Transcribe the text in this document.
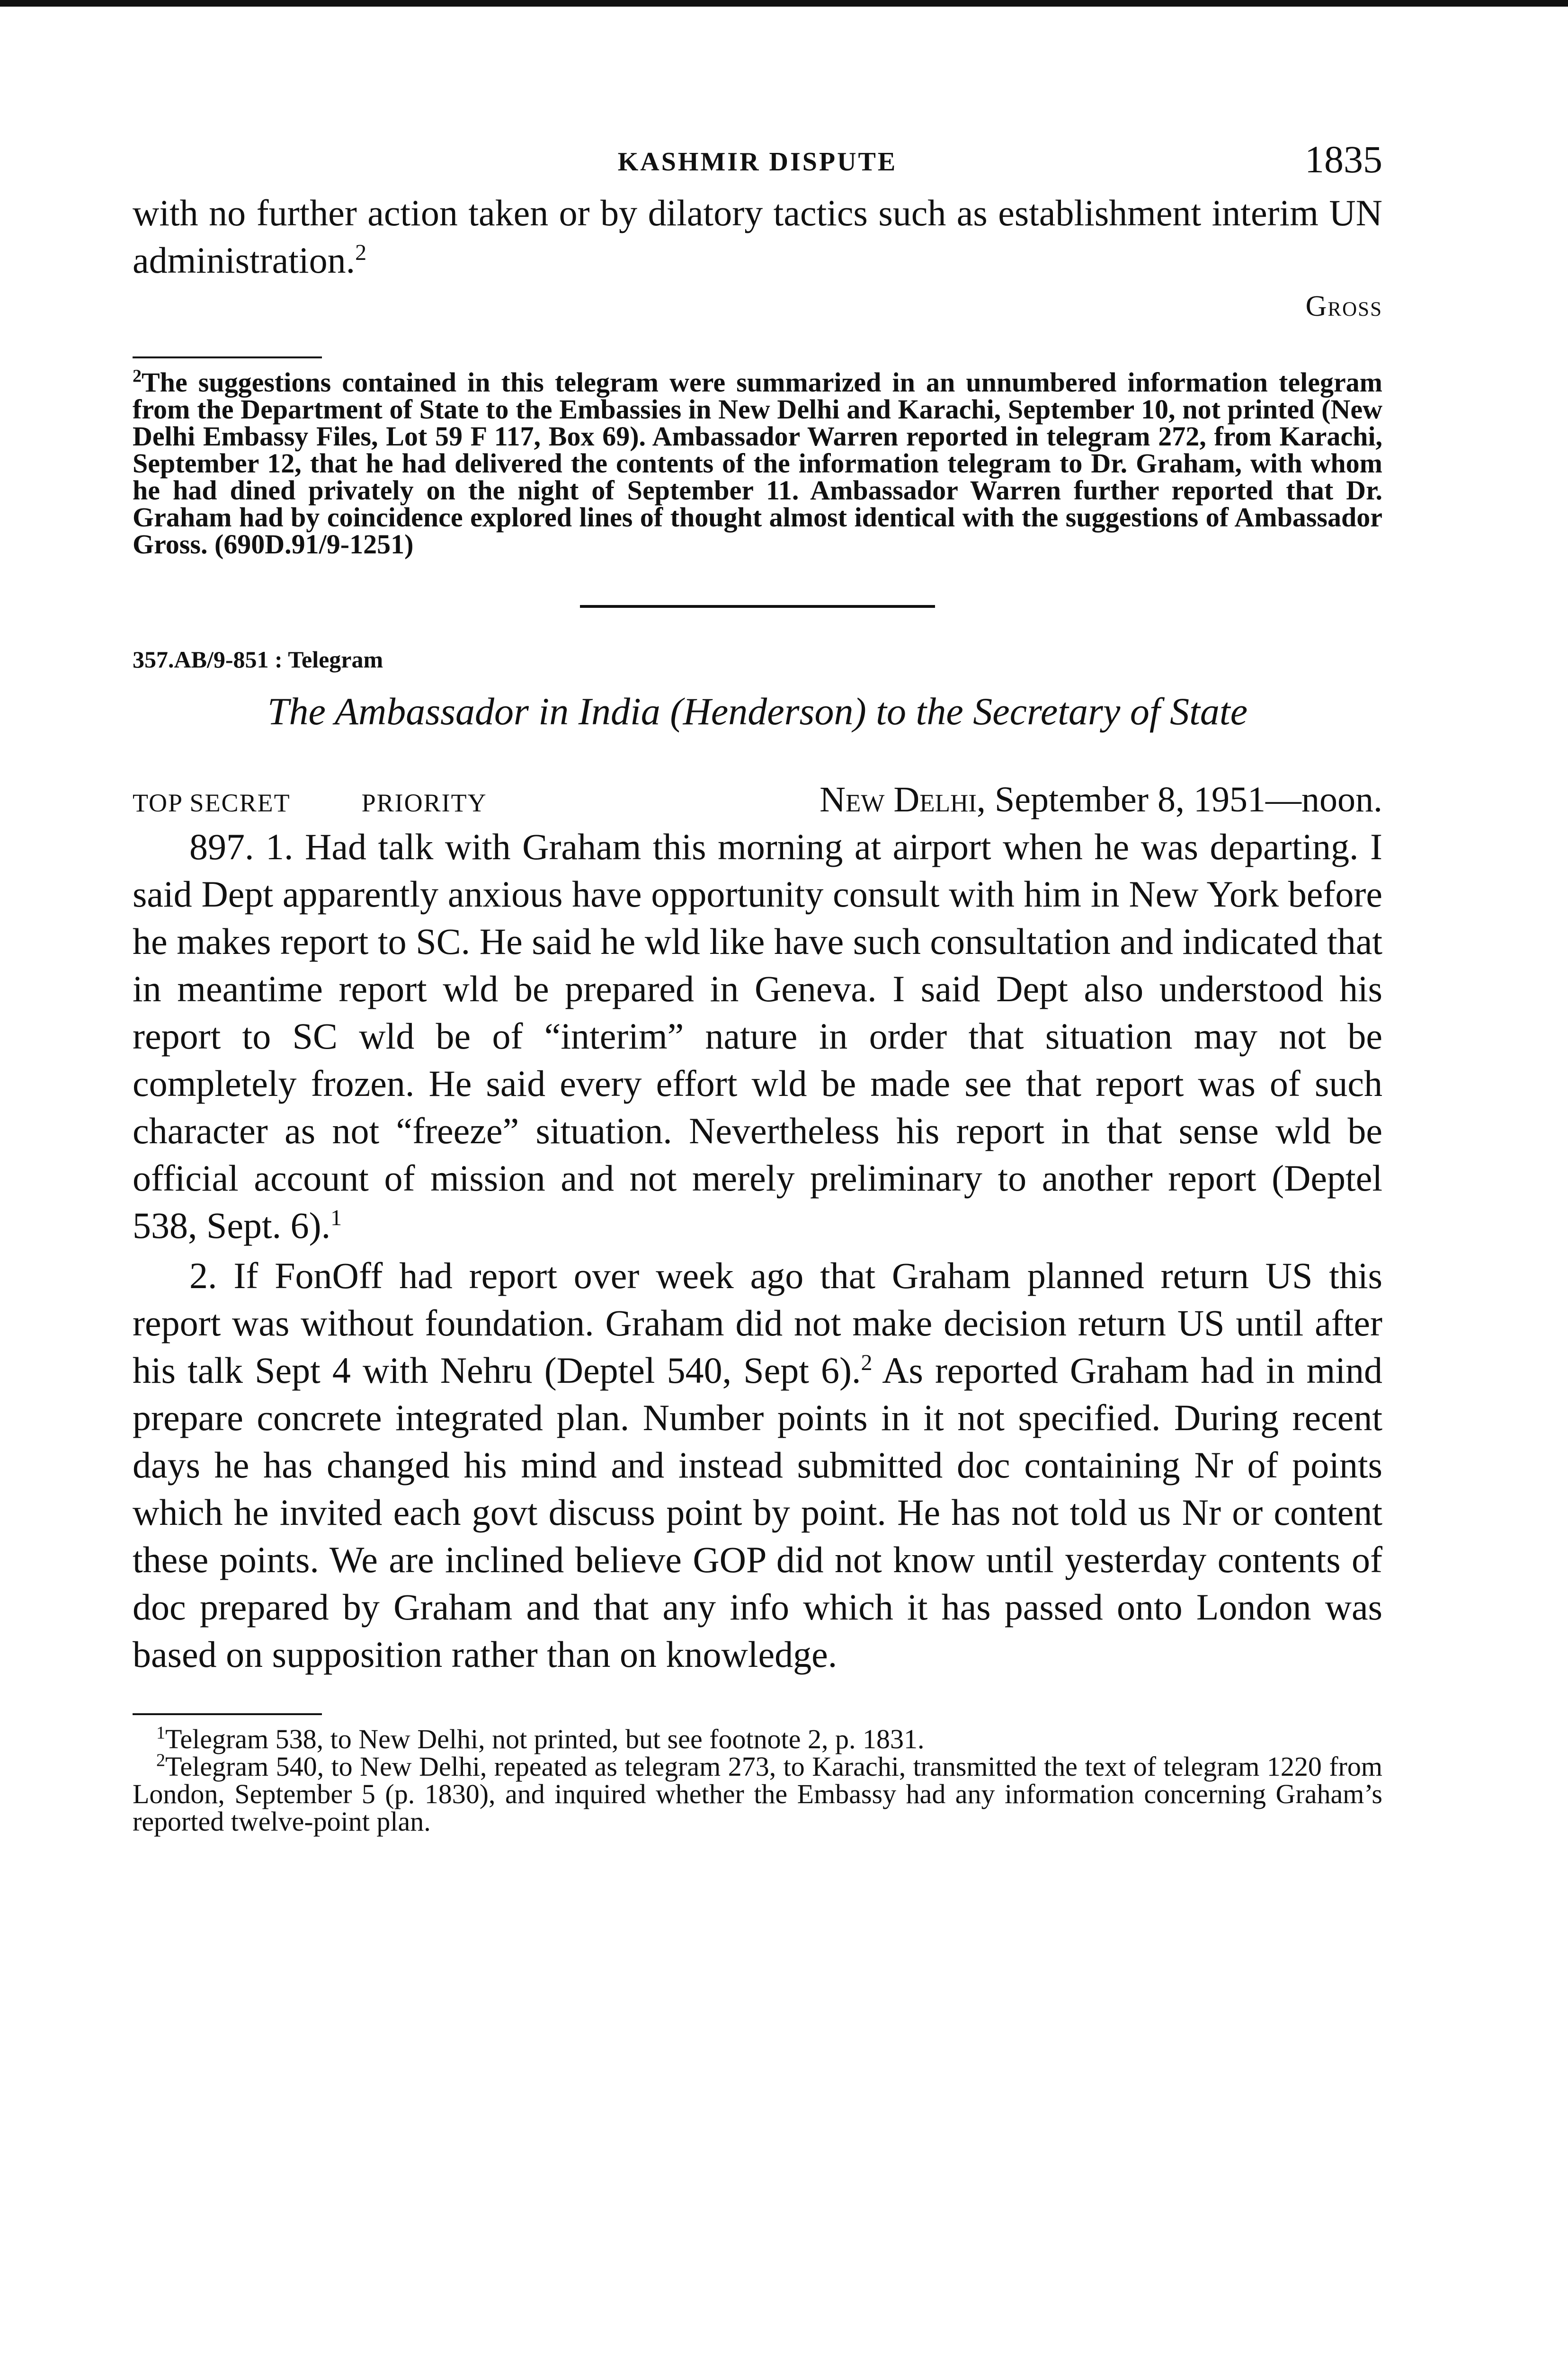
KASHMIR DISPUTE	1835

with no further action taken or by dilatory tactics such as establishment interim UN administration.$^2$

Gross

$^2$The suggestions contained in this telegram were summarized in an unnumbered information telegram from the Department of State to the Embassies in New Delhi and Karachi, September 10, not printed (New Delhi Embassy Files, Lot 59 F 117, Box 69). Ambassador Warren reported in telegram 272, from Karachi, September 12, that he had delivered the contents of the information telegram to Dr. Graham, with whom he had dined privately on the night of September 11. Ambassador Warren further reported that Dr. Graham had by coincidence explored lines of thought almost identical with the suggestions of Ambassador Gross. (690D.91/9-1251)

357.AB/9-851 : Telegram
The Ambassador in India (Henderson) to the Secretary of State
TOP SECRET	PRIORITY	New Delhi, September 8, 1951—noon.

897. 1. Had talk with Graham this morning at airport when he was departing. I said Dept apparently anxious have opportunity consult with him in New York before he makes report to SC. He said he wld like have such consultation and indicated that in meantime report wld be prepared in Geneva. I said Dept also understood his report to SC wld be of “interim” nature in order that situation may not be completely frozen. He said every effort wld be made see that report was of such character as not “freeze” situation. Nevertheless his report in that sense wld be official account of mission and not merely preliminary to another report (Deptel 538, Sept. 6).$^1$

2. If FonOff had report over week ago that Graham planned return US this report was without foundation. Graham did not make decision return US until after his talk Sept 4 with Nehru (Deptel 540, Sept 6).$^2$ As reported Graham had in mind prepare concrete integrated plan. Number points in it not specified. During recent days he has changed his mind and instead submitted doc containing Nr of points which he invited each govt discuss point by point. He has not told us Nr or content these points. We are inclined believe GOP did not know until yesterday contents of doc prepared by Graham and that any info which it has passed onto London was based on supposition rather than on knowledge.

$^1$Telegram 538, to New Delhi, not printed, but see footnote 2, p. 1831.

$^2$Telegram 540, to New Delhi, repeated as telegram 273, to Karachi, transmitted the text of telegram 1220 from London, September 5 (p. 1830), and inquired whether the Embassy had any information concerning Graham’s reported twelve-point plan.
